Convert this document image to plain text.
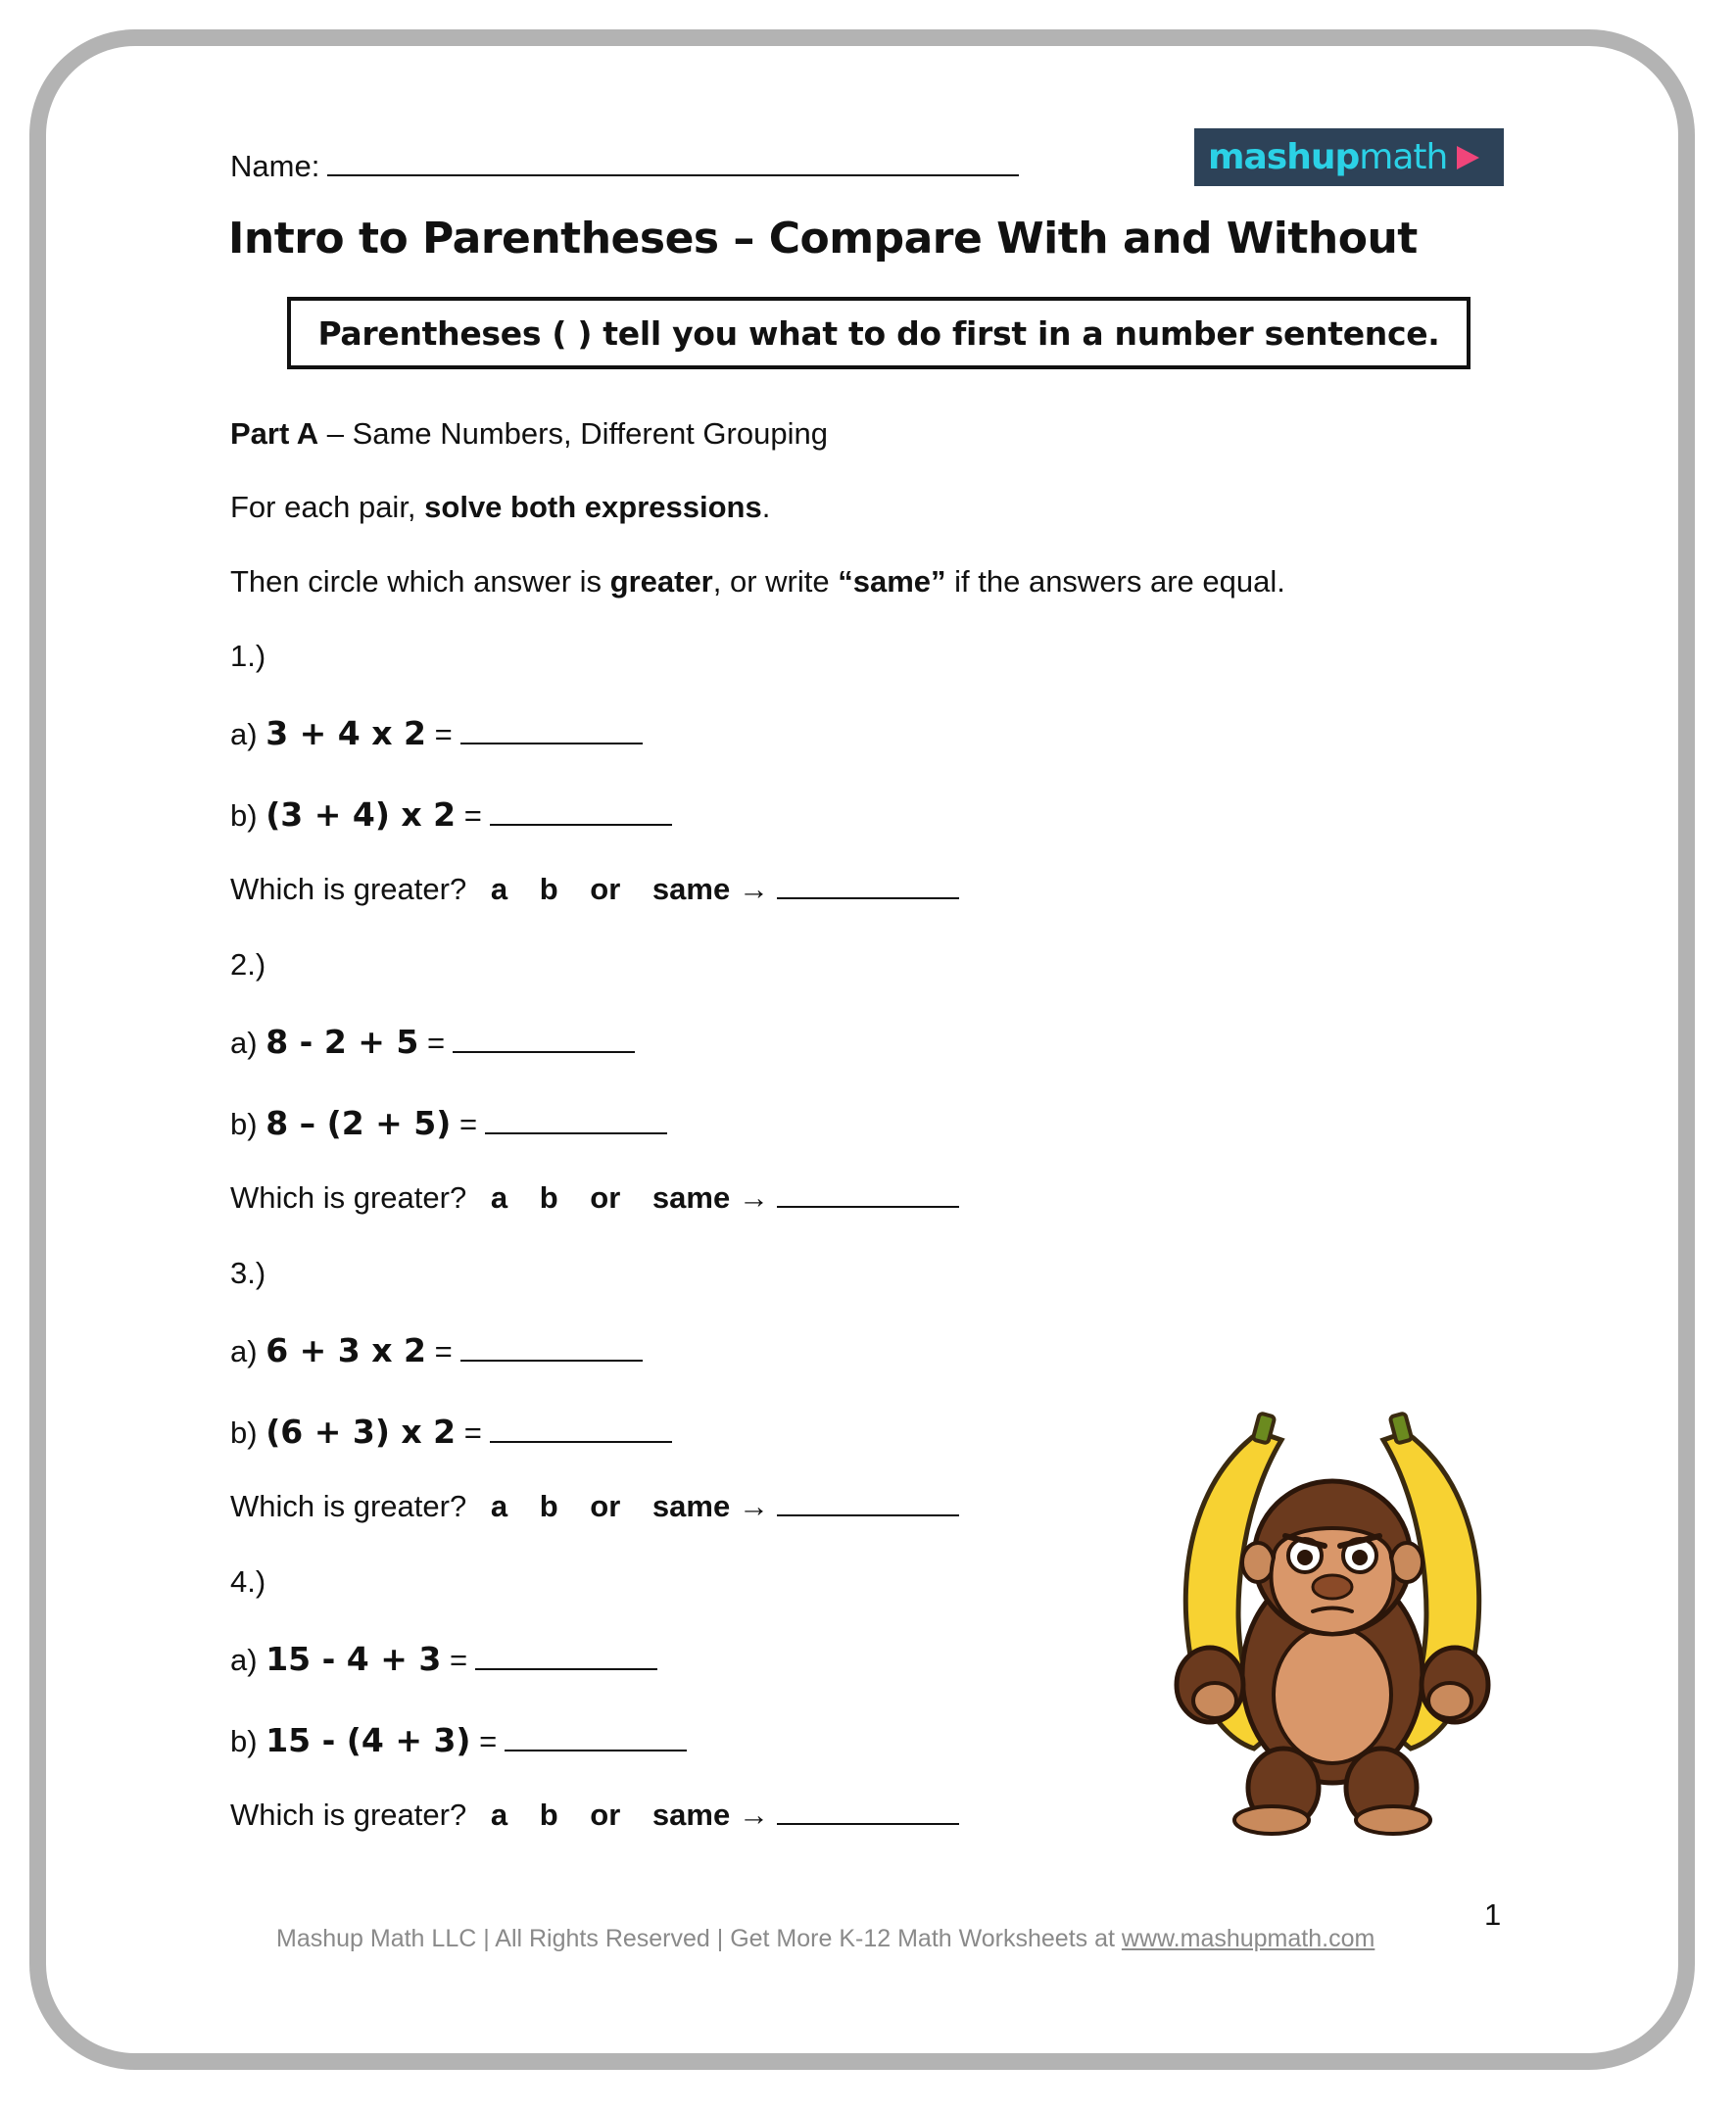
Name:	mashup math
Intro to Parentheses – Compare With and Without
Parentheses ( ) tell you what to do first in a number sentence.
Part A – Same Numbers, Different Grouping
For each pair, solve both expressions.
Then circle which answer is greater, or write “same” if the answers are equal.
1.)
a) 3 + 4 x 2 =
b) (3 + 4) x 2 =
Which is greater? a b or same →
2.)
a) 8 - 2 + 5 =
b) 8 – (2 + 5) =
Which is greater? a b or same →
3.)
a) 6 + 3 x 2 =
b) (6 + 3) x 2 =
Which is greater? a b or same →
4.)
a) 15 - 4 + 3 =
b) 15 - (4 + 3) =
Which is greater? a b or same →
Mashup Math LLC | All Rights Reserved | Get More K-12 Math Worksheets at www.mashupmath.com
1
